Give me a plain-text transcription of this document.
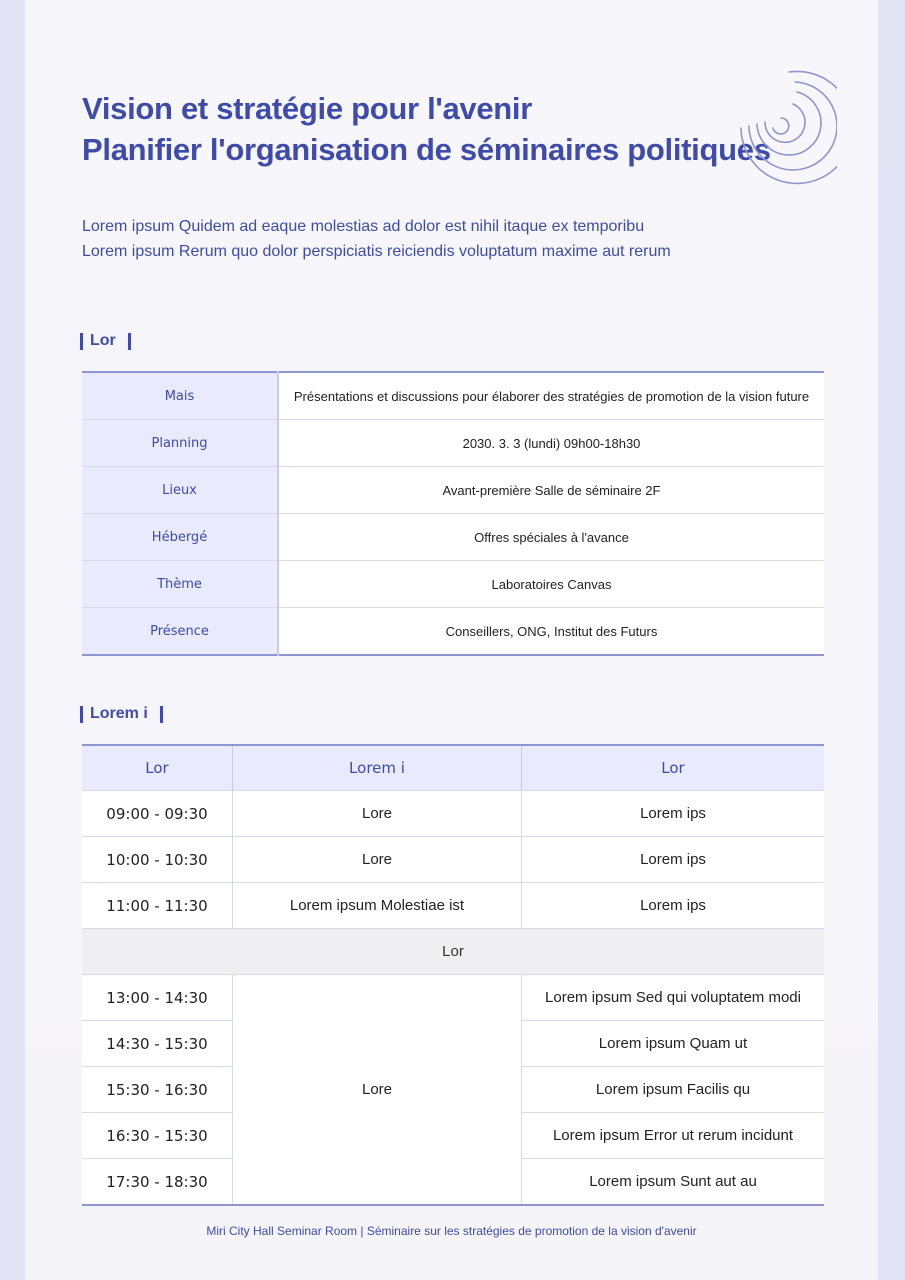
Vision et stratégie pour l'avenir
Planifier l'organisation de séminaires politiques
Lorem ipsum Quidem ad eaque molestias ad dolor est nihil itaque ex temporibu
Lorem ipsum Rerum quo dolor perspiciatis reiciendis voluptatum maxime aut rerum
Lor
Mais	Présentations et discussions pour élaborer des stratégies de promotion de la vision future
Planning	2030. 3. 3 (lundi) 09h00-18h30
Lieux	Avant-première Salle de séminaire 2F
Hébergé	Offres spéciales à l'avance
Thème	Laboratoires Canvas
Présence	Conseillers, ONG, Institut des Futurs
Lorem i
Lor	Lorem i	Lor
09:00 - 09:30	Lore	Lorem ips
10:00 - 10:30	Lore	Lorem ips
11:00 - 11:30	Lorem ipsum Molestiae ist	Lorem ips
Lor		
13:00 - 14:30	Lore	Lorem ipsum Sed qui voluptatem modi
14:30 - 15:30		Lorem ipsum Quam ut
15:30 - 16:30		Lorem ipsum Facilis qu
16:30 - 15:30		Lorem ipsum Error ut rerum incidunt
17:30 - 18:30		Lorem ipsum Sunt aut au
Miri City Hall Seminar Room | Séminaire sur les stratégies de promotion de la vision d'avenir
